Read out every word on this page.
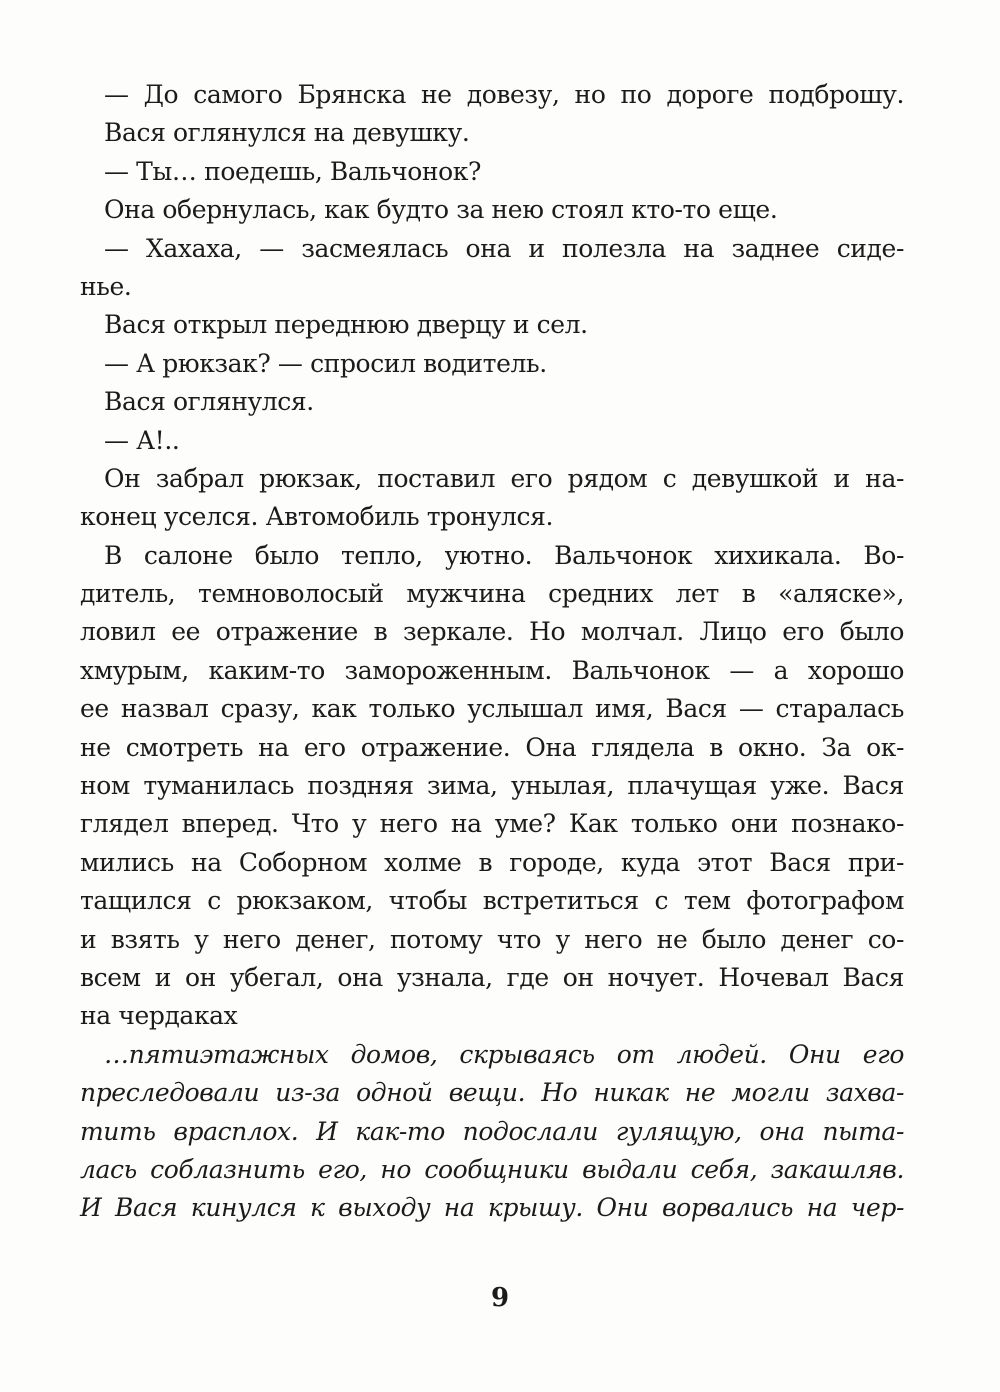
— До самого Брянска не довезу, но по дороге подброшу.
Вася оглянулся на девушку.
— Ты… поедешь, Вальчонок?
Она обернулась, как будто за нею стоял кто-то еще.
— Хахаха, — засмеялась она и полезла на заднее сиде-
нье.
Вася открыл переднюю дверцу и сел.
— А рюкзак? — спросил водитель.
Вася оглянулся.
— А!..
Он забрал рюкзак, поставил его рядом с девушкой и на-
конец уселся. Автомобиль тронулся.
В салоне было тепло, уютно. Вальчонок хихикала. Во-
дитель, темноволосый мужчина средних лет в «аляске»,
ловил ее отражение в зеркале. Но молчал. Лицо его было
хмурым, каким-то замороженным. Вальчонок — а хорошо
ее назвал сразу, как только услышал имя, Вася — старалась
не смотреть на его отражение. Она глядела в окно. За ок-
ном туманилась поздняя зима, унылая, плачущая уже. Вася
глядел вперед. Что у него на уме? Как только они познако-
мились на Соборном холме в городе, куда этот Вася при-
тащился с рюкзаком, чтобы встретиться с тем фотографом
и взять у него денег, потому что у него не было денег со-
всем и он убегал, она узнала, где он ночует. Ночевал Вася
на чердаках
…пятиэтажных домов, скрываясь от людей. Они его
преследовали из-за одной вещи. Но никак не могли захва-
тить врасплох. И как-то подослали гулящую, она пыта-
лась соблазнить его, но сообщники выдали себя, закашляв.
И Вася кинулся к выходу на крышу. Они ворвались на чер-
9
